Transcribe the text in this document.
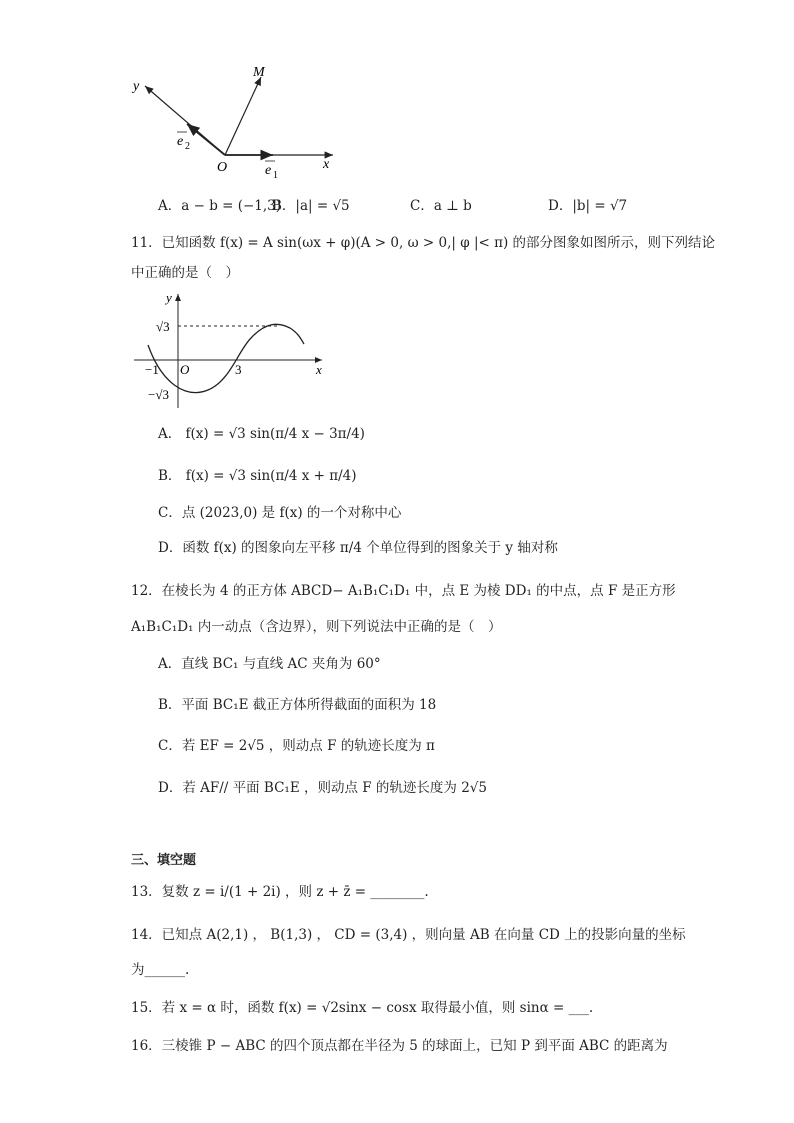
y
M
e 2
O	e 1
x
A．a − b = (−1,3)
B．|a| = √5	C．a ⊥ b	D．|b| = √7
11．已知函数 f(x) = A sin(ωx + φ)(A > 0, ω > 0,| φ |< π) 的部分图象如图所示，则下列结论
中正确的是（　）
y
√3
−1 O	3	x
−√3
A． f(x) = √3 sin(π/4 x − 3π/4)
B． f(x) = √3 sin(π/4 x + π/4)
C．点 (2023,0) 是 f(x) 的一个对称中心
D．函数 f(x) 的图象向左平移 π/4 个单位得到的图象关于 y 轴对称
12．在棱长为 4 的正方体 ABCD− A₁B₁C₁D₁ 中，点 E 为棱 DD₁ 的中点，点 F 是正方形
A₁B₁C₁D₁ 内一动点（含边界），则下列说法中正确的是（　）
A．直线 BC₁ 与直线 AC 夹角为 60°
B．平面 BC₁E 截正方体所得截面的面积为 18
C．若 EF = 2√5 ，则动点 F 的轨迹长度为 π
D．若 AF// 平面 BC₁E ，则动点 F 的轨迹长度为 2√5
三、填空题
13．复数 z = i/(1 + 2i) ，则 z + z̄ = ________.
14．已知点 A(2,1) ， B(1,3) ， CD = (3,4) ，则向量 AB 在向量 CD 上的投影向量的坐标
为______.
15．若 x = α 时，函数 f(x) = √2sinx − cosx 取得最小值，则 sinα = ___.
16．三棱锥 P − ABC 的四个顶点都在半径为 5 的球面上，已知 P 到平面 ABC 的距离为
